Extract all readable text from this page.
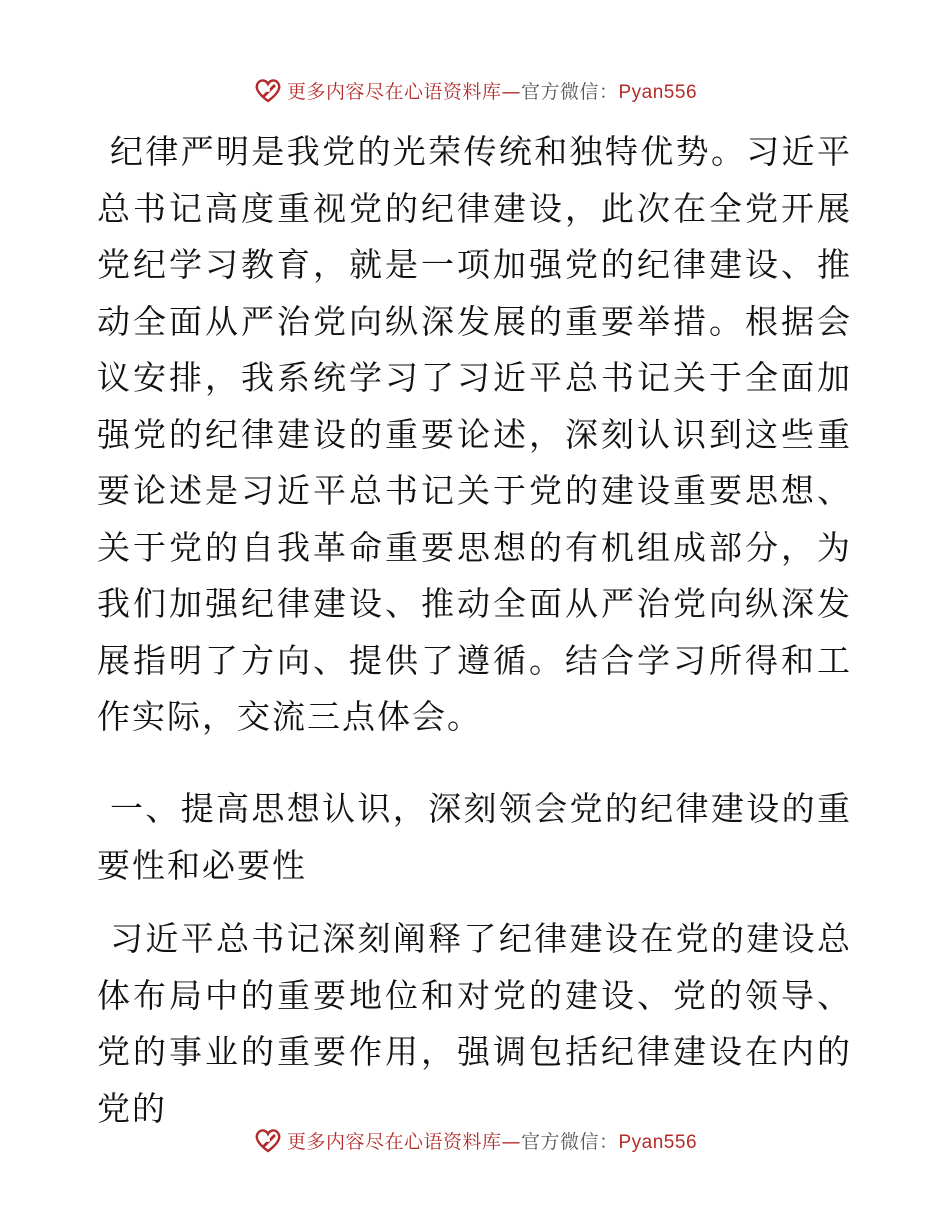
更多内容尽在心语资料库—官方微信：Pyan556

纪律严明是我党的光荣传统和独特优势。习近平总书记高度重视党的纪律建设，此次在全党开展党纪学习教育，就是一项加强党的纪律建设、推动全面从严治党向纵深发展的重要举措。根据会议安排，我系统学习了习近平总书记关于全面加强党的纪律建设的重要论述，深刻认识到这些重要论述是习近平总书记关于党的建设重要思想、关于党的自我革命重要思想的有机组成部分，为我们加强纪律建设、推动全面从严治党向纵深发展指明了方向、提供了遵循。结合学习所得和工作实际，交流三点体会。

一、提高思想认识，深刻领会党的纪律建设的重要性和必要性

习近平总书记深刻阐释了纪律建设在党的建设总体布局中的重要地位和对党的建设、党的领导、党的事业的重要作用，强调包括纪律建设在内的党的

更多内容尽在心语资料库—官方微信：Pyan556
